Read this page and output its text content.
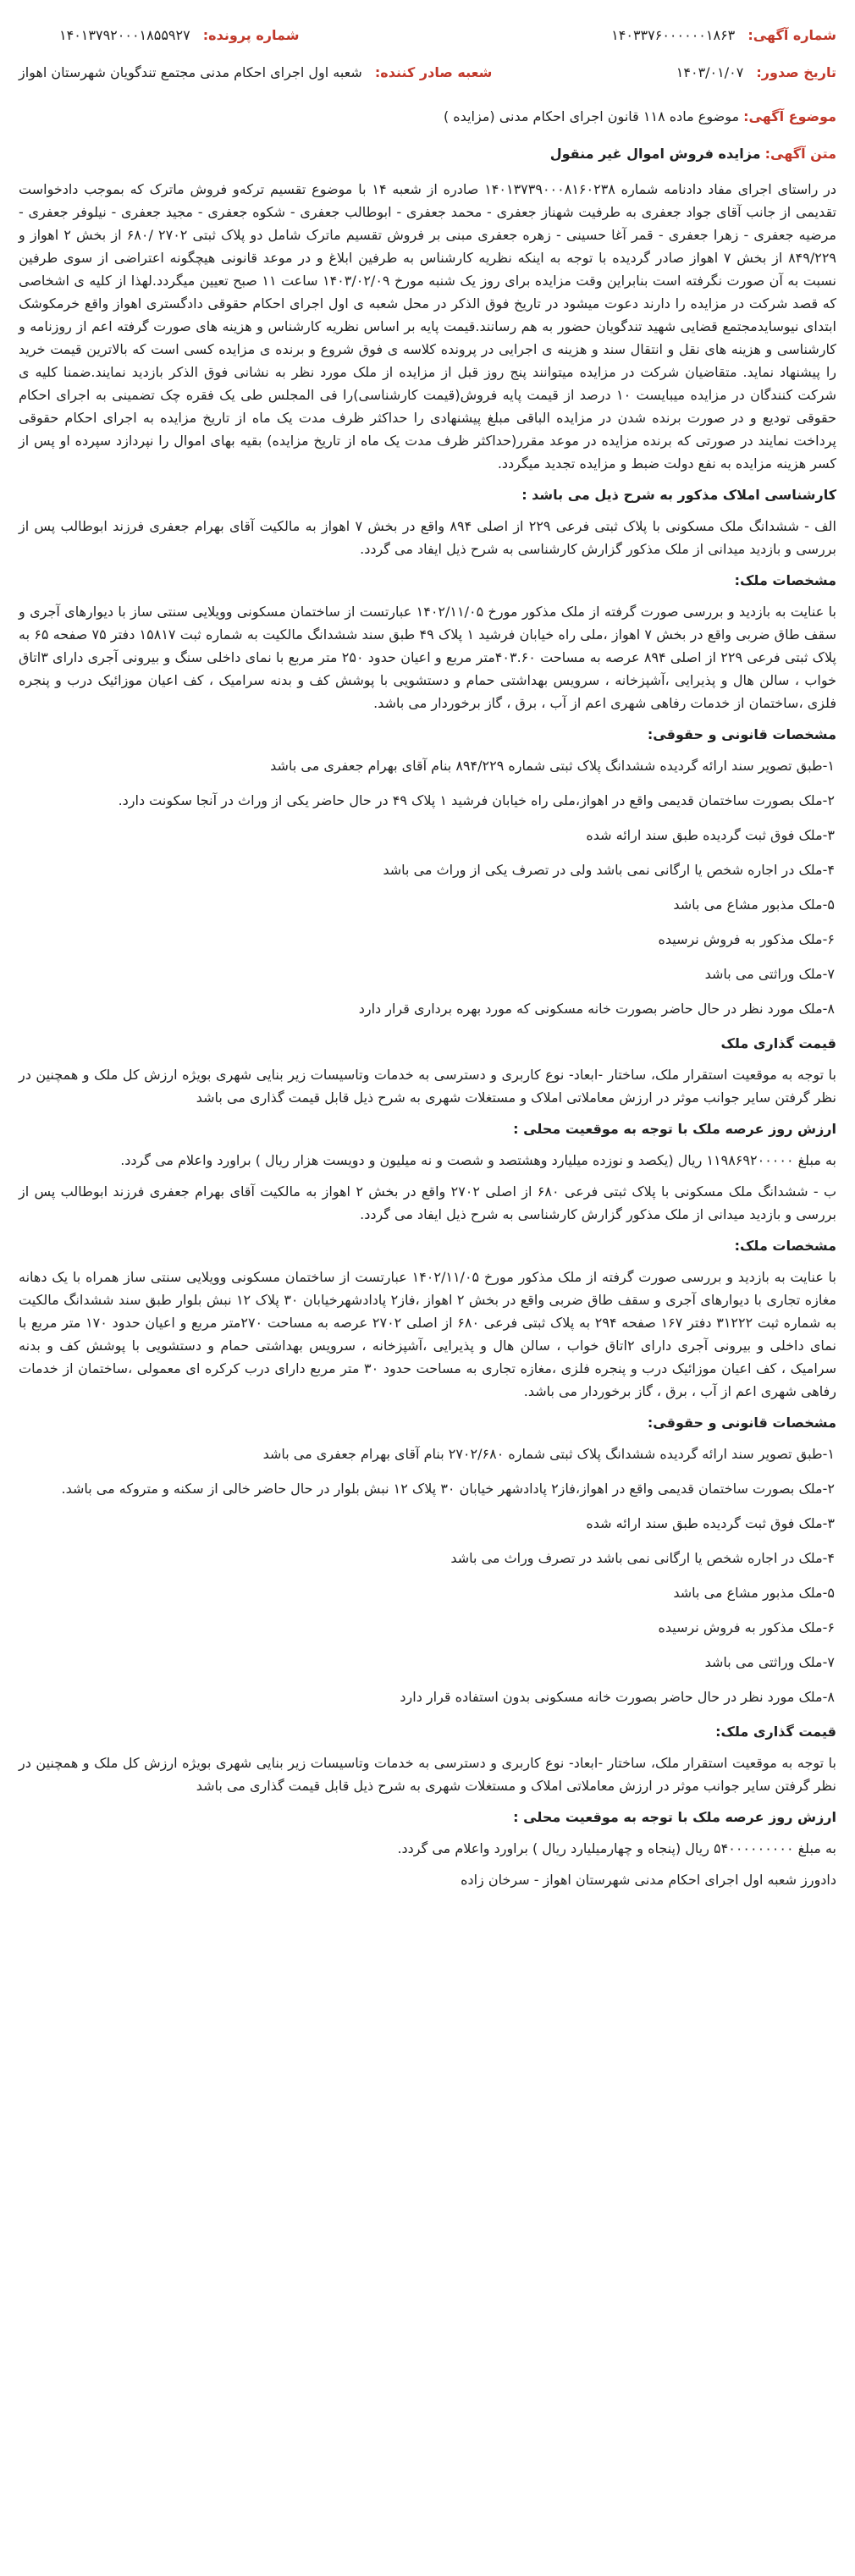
شماره آگهی: ۱۴۰۳۳۷۶۰۰۰۰۰۰۱۸۶۳
شماره پرونده: ۱۴۰۱۳۷۹۲۰۰۰۱۸۵۵۹۲۷
تاریخ صدور: ۱۴۰۳/۰۱/۰۷
شعبه صادر کننده: شعبه اول اجرای احکام مدنی مجتمع تندگویان شهرستان اهواز
موضوع آگهی: موضوع ماده ۱۱۸ قانون اجرای احکام مدنی (مزایده )
متن آگهی: مزایده فروش اموال غیر منقول

در راستای اجرای مفاد دادنامه شماره ۱۴۰۱۳۷۳۹۰۰۰۸۱۶۰۲۳۸ صادره از شعبه ۱۴ با موضوع تقسیم ترکه‌و فروش ماترک که بموجب دادخواست تقدیمی از جانب آقای جواد جعفری به طرفیت شهناز جعفری - محمد جعفری - ابوطالب جعفری - شکوه جعفری - مجید جعفری - نیلوفر جعفری - مرضیه جعفری - زهرا جعفری - قمر آغا حسینی - زهره جعفری مبنی بر فروش تقسیم ماترک شامل دو پلاک ثبتی ۲۷۰۲ /۶۸۰ از بخش ۲ اهواز و ۸۴۹/۲۲۹ از بخش ۷ اهواز صادر گردیده با توجه به اینکه نظریه کارشناس به طرفین ابلاغ و در موعد قانونی هیچگونه اعتراضی از سوی طرفین نسبت به آن صورت نگرفته است بنابراین وقت مزایده برای روز یک شنبه مورخ ۱۴۰۳/۰۲/۰۹ ساعت ۱۱ صبح تعیین میگردد.لهذا از کلیه ی اشخاصی که قصد شرکت در مزایده را دارند دعوت میشود در تاریخ فوق الذکر در محل شعبه ی اول اجرای احکام حقوقی دادگستری اهواز واقع خرمکوشک ابتدای نیوسایدمجتمع قضایی شهید تندگویان حضور به هم رسانند.قیمت پایه بر اساس نظریه کارشناس و هزینه های صورت گرفته اعم از روزنامه و کارشناسی و هزینه های نقل و انتقال سند و هزینه ی اجرایی در پرونده کلاسه ی فوق شروع و برنده ی مزایده کسی است که بالاترین قیمت خرید را پیشنهاد نماید. متقاضیان شرکت در مزایده میتوانند پنج روز قبل از مزایده از ملک مورد نظر به نشانی فوق الذکر بازدید نمایند.ضمنا کلیه ی شرکت کنندگان در مزایده میبایست ۱۰ درصد از قیمت پایه فروش(قیمت کارشناسی)را فی المجلس طی یک فقره چک تضمینی به اجرای احکام حقوقی تودیع و در صورت برنده شدن در مزایده الباقی مبلغ پیشنهادی را حداکثر ظرف مدت یک ماه از تاریخ مزایده به اجرای احکام حقوقی پرداخت نمایند در صورتی که برنده مزایده در موعد مقرر(حداکثر ظرف مدت یک ماه از تاریخ مزایده) بقیه بهای اموال را نپردازد سپرده او پس از کسر هزینه مزایده به نفع دولت ضبط و مزایده تجدید میگردد.

کارشناسی املاک مذکور به شرح ذیل می باشد :

الف - ششدانگ ملک مسکونی با پلاک ثبتی فرعی ۲۲۹ از اصلی ۸۹۴ واقع در بخش ۷ اهواز به مالکیت آقای بهرام جعفری فرزند ابوطالب پس از بررسی و بازدید میدانی از ملک مذکور گزارش کارشناسی به شرح ذیل ایفاد می گردد.

مشخصات ملک:

با عنایت به بازدید و بررسی صورت گرفته از ملک مذکور مورخ ۱۴۰۲/۱۱/۰۵ عبارتست از ساختمان مسکونی وویلایی سنتی ساز با دیوارهای آجری و سقف طاق ضربی واقع در بخش ۷ اهواز ،ملی راه خیابان فرشید ۱ پلاک ۴۹ طبق سند ششدانگ مالکیت به شماره ثبت ۱۵۸۱۷ دفتر ۷۵ صفحه ۶۵ به پلاک ثبتی فرعی ۲۲۹ از اصلی ۸۹۴ عرصه به مساحت ۴۰۳.۶۰متر مربع و اعیان حدود ۲۵۰ متر مربع با نمای داخلی سنگ و بیرونی آجری دارای ۳اتاق خواب ، سالن هال و پذیرایی ،آشپزخانه ، سرویس بهداشتی حمام و دستشویی با پوشش کف و بدنه سرامیک ، کف اعیان موزائیک درب و پنجره فلزی ،ساختمان از خدمات رفاهی شهری اعم از آب ، برق ، گاز برخوردار می باشد.

مشخصات قانونی و حقوقی:

۱-طبق تصویر سند ارائه گردیده ششدانگ پلاک ثبتی شماره ۸۹۴/۲۲۹ بنام آقای بهرام جعفری می باشد

۲-ملک بصورت ساختمان قدیمی واقع در اهواز،ملی راه خیابان فرشید ۱ پلاک ۴۹ در حال حاضر یکی از وراث در آنجا سکونت دارد.

۳-ملک فوق ثبت گردیده طبق سند ارائه شده

۴-ملک در اجاره شخص یا ارگانی نمی باشد ولی در تصرف یکی از وراث می باشد

۵-ملک مذبور مشاع می باشد

۶-ملک مذکور به فروش نرسیده

۷-ملک وراثتی می باشد

۸-ملک مورد نظر در حال حاضر بصورت خانه مسکونی که مورد بهره برداری قرار دارد

قیمت گذاری ملک

با توجه به موقعیت استقرار ملک، ساختار -ابعاد- نوع کاربری و دسترسی به خدمات وتاسیسات زیر بنایی شهری بویژه ارزش کل ملک و همچنین در نظر گرفتن سایر جوانب موثر در ارزش معاملاتی املاک و مستغلات شهری به شرح ذیل قابل قیمت گذاری می باشد

ارزش روز عرصه ملک با توجه به موقعیت محلی :

به مبلغ ۱۱۹۸۶۹۲۰۰۰۰۰ ریال (یکصد و نوزده میلیارد وهشتصد و شصت و نه میلیون و دویست هزار ریال ) براورد واعلام می گردد.

ب - ششدانگ ملک مسکونی با پلاک ثبتی فرعی ۶۸۰ از اصلی ۲۷۰۲ واقع در بخش ۲ اهواز به مالکیت آقای بهرام جعفری فرزند ابوطالب پس از بررسی و بازدید میدانی از ملک مذکور گزارش کارشناسی به شرح ذیل ایفاد می گردد.

مشخصات ملک:

با عنایت به بازدید و بررسی صورت گرفته از ملک مذکور مورخ ۱۴۰۲/۱۱/۰۵ عبارتست از ساختمان مسکونی وویلایی سنتی ساز همراه با یک دهانه مغازه تجاری با دیوارهای آجری و سقف طاق ضربی واقع در بخش ۲ اهواز ،فاز۲ پادادشهرخیابان ۳۰ پلاک ۱۲ نبش بلوار طبق سند ششدانگ مالکیت به شماره ثبت ۳۱۲۲۲ دفتر ۱۶۷ صفحه ۲۹۴ به پلاک ثبتی فرعی ۶۸۰ از اصلی ۲۷۰۲ عرصه به مساحت ۲۷۰متر مربع و اعیان حدود ۱۷۰ متر مربع با نمای داخلی و بیرونی آجری دارای ۲اتاق خواب ، سالن هال و پذیرایی ،آشپزخانه ، سرویس بهداشتی حمام و دستشویی با پوشش کف و بدنه سرامیک ، کف اعیان موزائیک درب و پنجره فلزی ،مغازه تجاری به مساحت حدود ۳۰ متر مربع دارای درب کرکره ای معمولی ،ساختمان از خدمات رفاهی شهری اعم از آب ، برق ، گاز برخوردار می باشد.

مشخصات قانونی و حقوقی:

۱-طبق تصویر سند ارائه گردیده ششدانگ پلاک ثبتی شماره ۲۷۰۲/۶۸۰ بنام آقای بهرام جعفری می باشد

۲-ملک بصورت ساختمان قدیمی واقع در اهواز،فاز۲ پادادشهر خیابان ۳۰ پلاک ۱۲ نبش بلوار در حال حاضر خالی از سکنه و متروکه می باشد.

۳-ملک فوق ثبت گردیده طبق سند ارائه شده

۴-ملک در اجاره شخص یا ارگانی نمی باشد در تصرف وراث می باشد

۵-ملک مذبور مشاع می باشد

۶-ملک مذکور به فروش نرسیده

۷-ملک وراثتی می باشد

۸-ملک مورد نظر در حال حاضر بصورت خانه مسکونی بدون استفاده قرار دارد

قیمت گذاری ملک:

با توجه به موقعیت استقرار ملک، ساختار -ابعاد- نوع کاربری و دسترسی به خدمات وتاسیسات زیر بنایی شهری بویژه ارزش کل ملک و همچنین در نظر گرفتن سایر جوانب موثر در ارزش معاملاتی املاک و مستغلات شهری به شرح ذیل قابل قیمت گذاری می باشد

ارزش روز عرصه ملک با توجه به موقعیت محلی :

به مبلغ ۵۴۰۰۰۰۰۰۰۰۰ ریال (پنجاه و چهارمیلیارد ریال ) براورد واعلام می گردد.

دادورز شعبه اول اجرای احکام مدنی شهرستان اهواز - سرخان زاده
